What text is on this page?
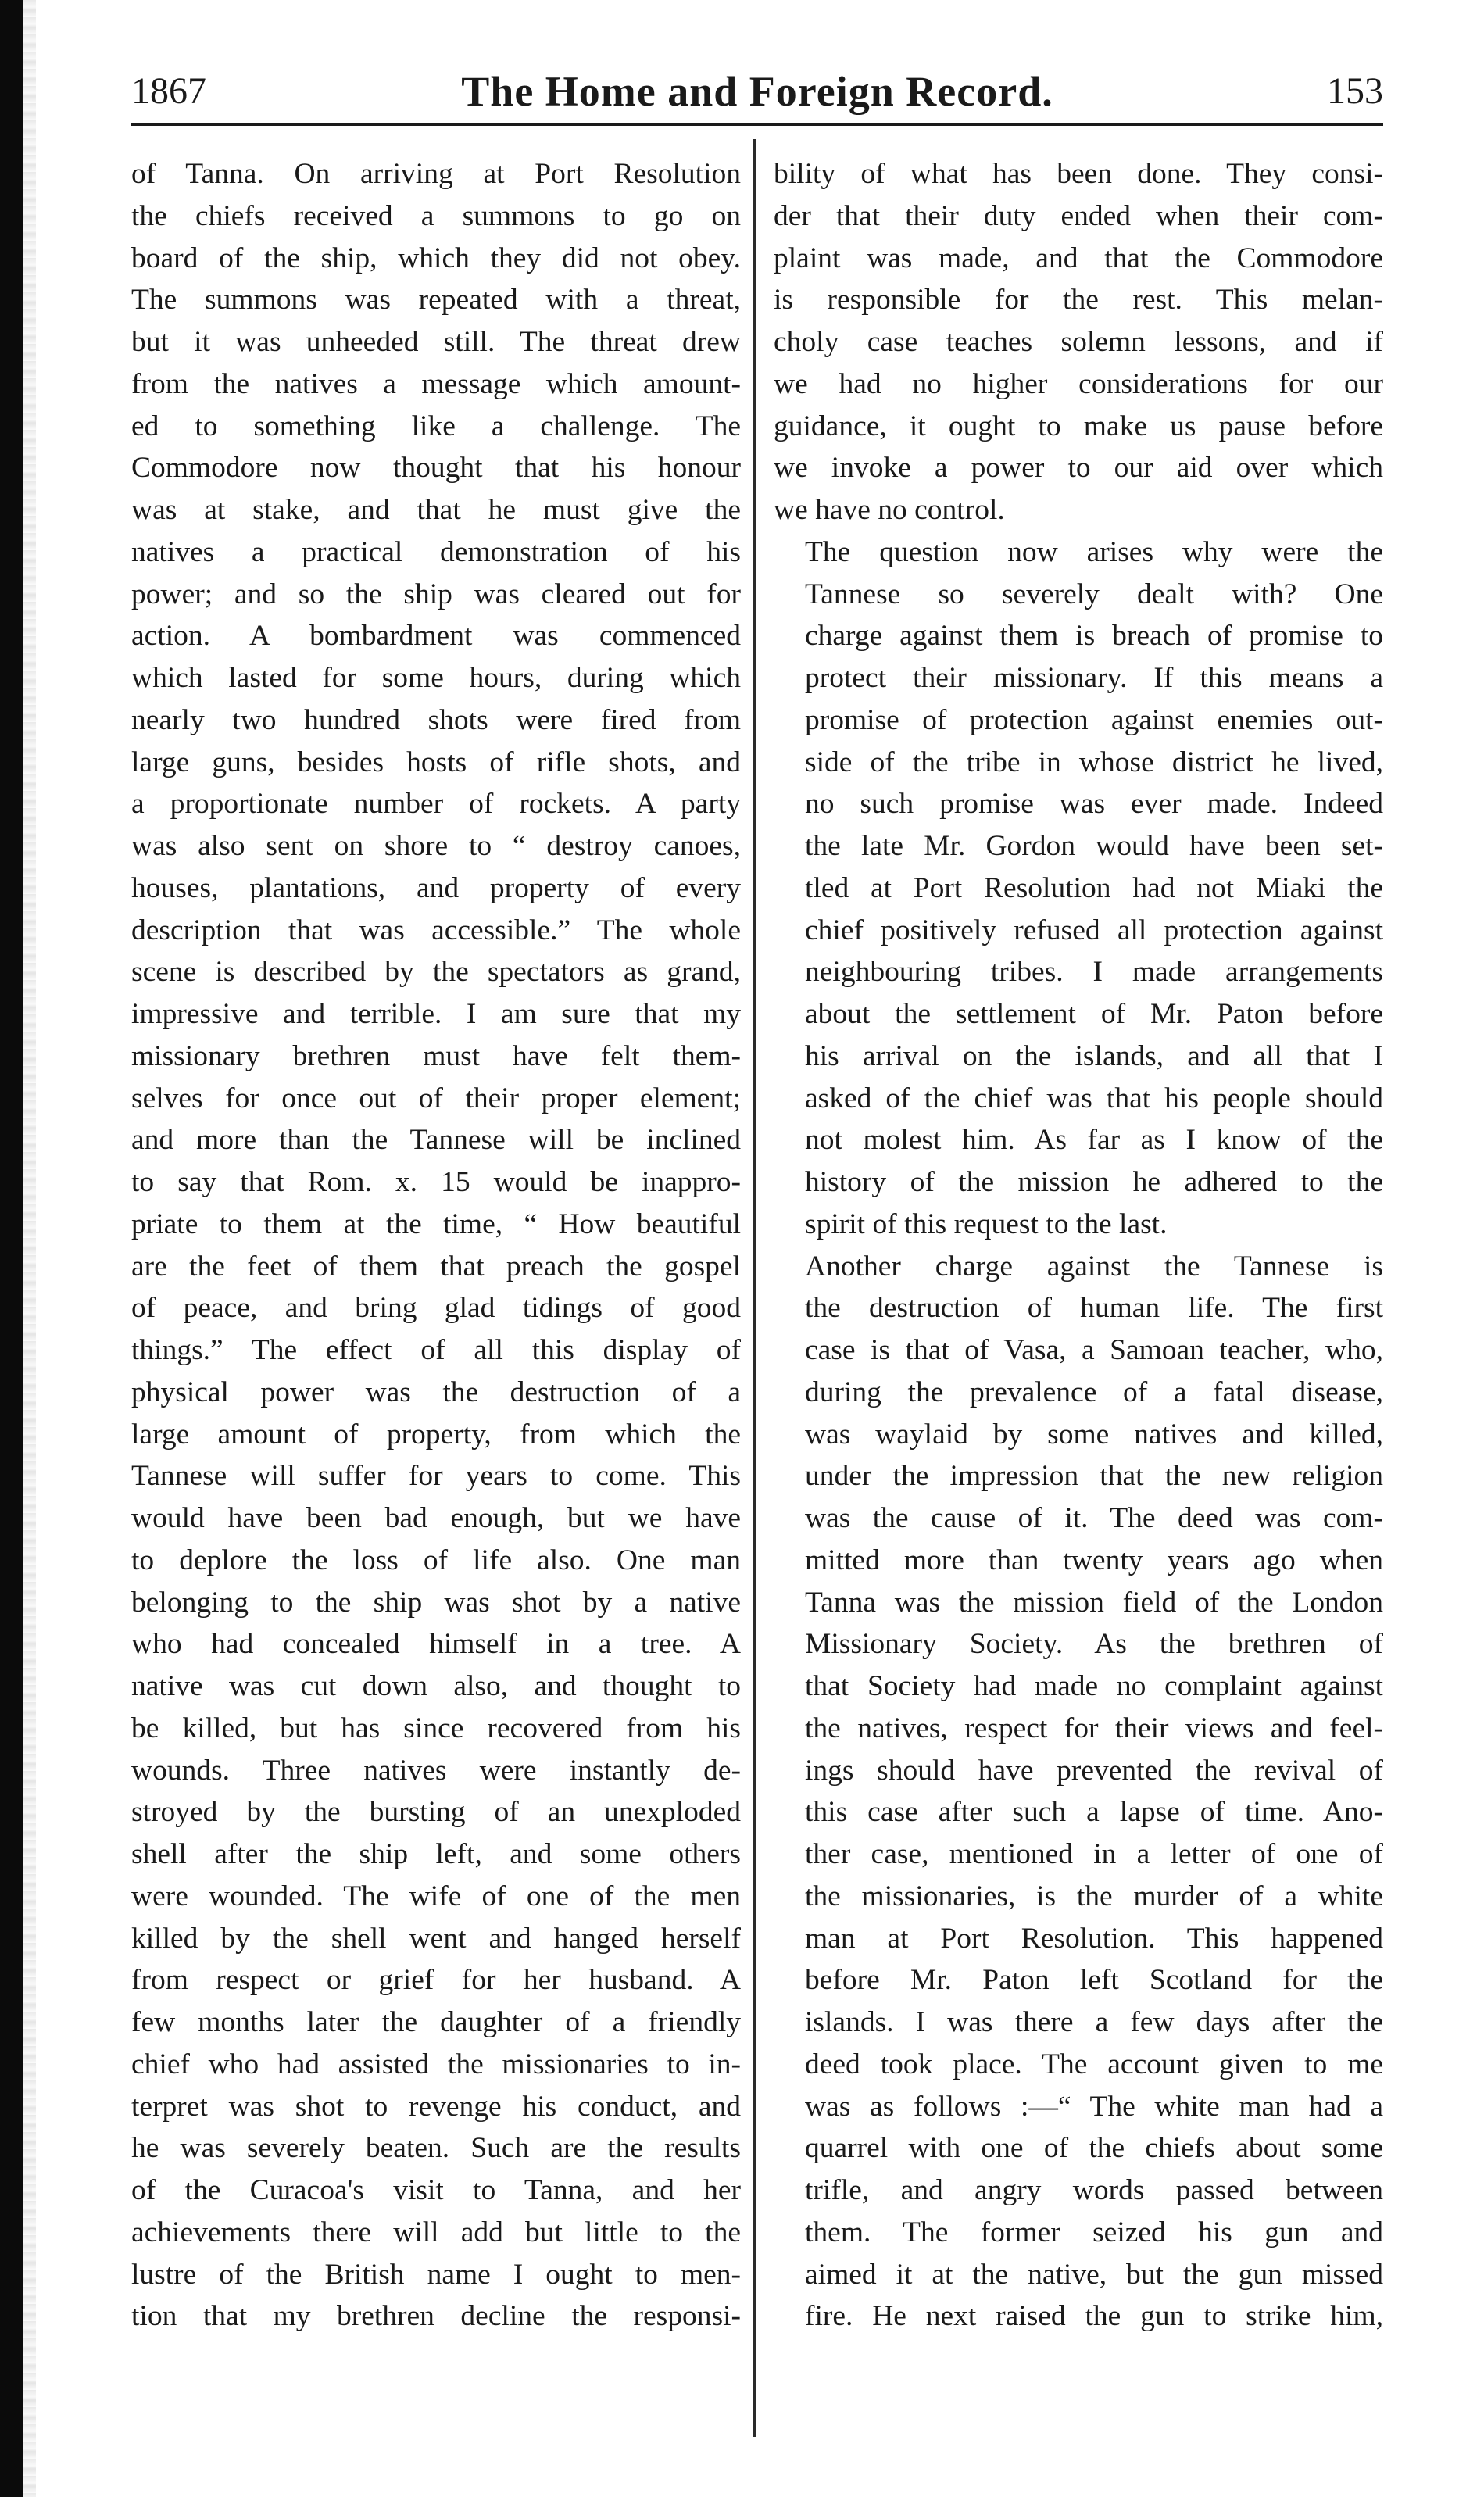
1867	The Home and Foreign Record.	153

of Tanna. On arriving at Port Resolution
the chiefs received a summons to go on
board of the ship, which they did not obey.
The summons was repeated with a threat,
but it was unheeded still. The threat drew
from the natives a message which amount-
ed to something like a challenge. The
Commodore now thought that his honour
was at stake, and that he must give the
natives a practical demonstration of his
power; and so the ship was cleared out for
action. A bombardment was commenced
which lasted for some hours, during which
nearly two hundred shots were fired from
large guns, besides hosts of rifle shots, and
a proportionate number of rockets. A party
was also sent on shore to “ destroy canoes,
houses, plantations, and property of every
description that was accessible.” The whole
scene is described by the spectators as grand,
impressive and terrible. I am sure that my
missionary brethren must have felt them-
selves for once out of their proper element;
and more than the Tannese will be inclined
to say that Rom. x. 15 would be inappro-
priate to them at the time, “ How beautiful
are the feet of them that preach the gospel
of peace, and bring glad tidings of good
things.” The effect of all this display of
physical power was the destruction of a
large amount of property, from which the
Tannese will suffer for years to come. This
would have been bad enough, but we have
to deplore the loss of life also. One man
belonging to the ship was shot by a native
who had concealed himself in a tree. A
native was cut down also, and thought to
be killed, but has since recovered from his
wounds. Three natives were instantly de-
stroyed by the bursting of an unexploded
shell after the ship left, and some others
were wounded. The wife of one of the men
killed by the shell went and hanged herself
from respect or grief for her husband. A
few months later the daughter of a friendly
chief who had assisted the missionaries to in-
terpret was shot to revenge his conduct, and
he was severely beaten. Such are the results
of the Curacoa's visit to Tanna, and her
achievements there will add but little to the
lustre of the British name I ought to men-
tion that my brethren decline the responsi-

bility of what has been done. They consi-
der that their duty ended when their com-
plaint was made, and that the Commodore
is responsible for the rest. This melan-
choly case teaches solemn lessons, and if
we had no higher considerations for our
guidance, it ought to make us pause before
we invoke a power to our aid over which
we have no control.

The question now arises why were the
Tannese so severely dealt with? One
charge against them is breach of promise to
protect their missionary. If this means a
promise of protection against enemies out-
side of the tribe in whose district he lived,
no such promise was ever made. Indeed
the late Mr. Gordon would have been set-
tled at Port Resolution had not Miaki the
chief positively refused all protection against
neighbouring tribes. I made arrangements
about the settlement of Mr. Paton before
his arrival on the islands, and all that I
asked of the chief was that his people should
not molest him. As far as I know of the
history of the mission he adhered to the
spirit of this request to the last.

Another charge against the Tannese is
the destruction of human life. The first
case is that of Vasa, a Samoan teacher, who,
during the prevalence of a fatal disease,
was waylaid by some natives and killed,
under the impression that the new religion
was the cause of it. The deed was com-
mitted more than twenty years ago when
Tanna was the mission field of the London
Missionary Society. As the brethren of
that Society had made no complaint against
the natives, respect for their views and feel-
ings should have prevented the revival of
this case after such a lapse of time. Ano-
ther case, mentioned in a letter of one of
the missionaries, is the murder of a white
man at Port Resolution. This happened
before Mr. Paton left Scotland for the
islands. I was there a few days after the
deed took place. The account given to me
was as follows :—“ The white man had a
quarrel with one of the chiefs about some
trifle, and angry words passed between
them. The former seized his gun and
aimed it at the native, but the gun missed
fire. He next raised the gun to strike him,
